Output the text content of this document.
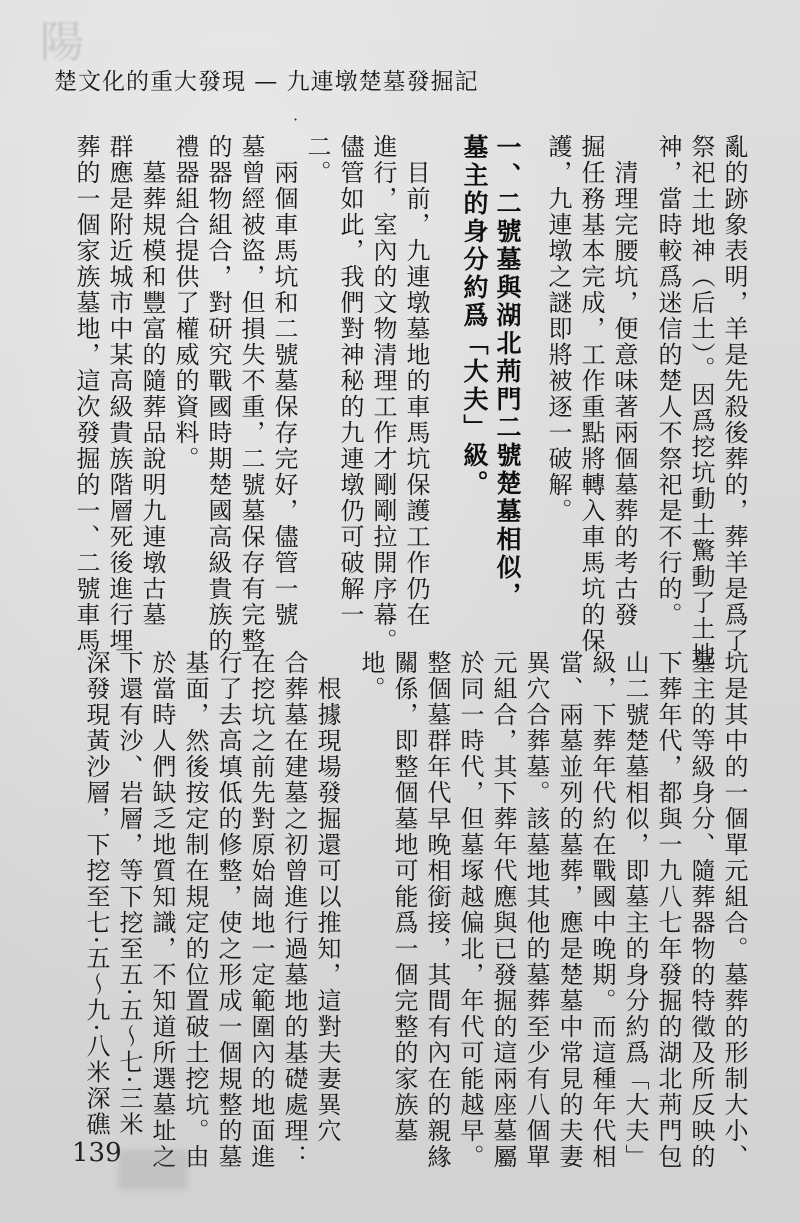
陽
楚文化的重大發現 — 九連墩楚墓發掘記
·
亂的跡象表明，羊是先殺後葬的，葬羊是爲了
祭祀土地神（后土）。因爲挖坑動土驚動了土地
神，當時較爲迷信的楚人不祭祀是不行的。
　清理完腰坑，便意味著兩個墓葬的考古發
掘任務基本完成，工作重點將轉入車馬坑的保
護，九連墩之謎即將被逐一破解。
一、二號墓與湖北荊門二號楚墓相似，
墓主的身分約爲「大夫」級。
　目前，九連墩墓地的車馬坑保護工作仍在
進行，室內的文物清理工作才剛剛拉開序幕。
儘管如此，我們對神秘的九連墩仍可破解一
二。
　兩個車馬坑和二號墓保存完好，儘管一號
墓曾經被盜，但損失不重，二號墓保存有完整
的器物組合，對研究戰國時期楚國高級貴族的
禮器組合提供了權威的資料。
　墓葬規模和豐富的隨葬品說明九連墩古墓
群應是附近城市中某高級貴族階層死後進行埋
葬的一個家族墓地，這次發掘的一、二號車馬
坑是其中的一個單元組合。墓葬的形制大小、
墓主的等級身分、隨葬器物的特徵及所反映的
下葬年代，都與一九八七年發掘的湖北荊門包
山二號楚墓相似，即墓主的身分約爲「大夫」
級，下葬年代約在戰國中晚期。而這種年代相
當、兩墓並列的墓葬，應是楚墓中常見的夫妻
異穴合葬墓。該墓地其他的墓葬至少有八個單
元組合，其下葬年代應與已發掘的這兩座墓屬
於同一時代，但墓塚越偏北，年代可能越早。
整個墓群年代早晚相銜接，其間有內在的親緣
關係，即整個墓地可能爲一個完整的家族墓
地。
　根據現場發掘還可以推知，這對夫妻異穴
合葬墓在建墓之初曾進行過墓地的基礎處理：
在挖坑之前先對原始崗地一定範圍內的地面進
行了去高填低的修整，使之形成一個規整的墓
基面，然後按定制在規定的位置破土挖坑。由
於當時人們缺乏地質知識，不知道所選墓址之
下還有沙、岩層，等下挖至五·五～七·三米
深發現黃沙層，下挖至七·五～九·八米深礁
139
